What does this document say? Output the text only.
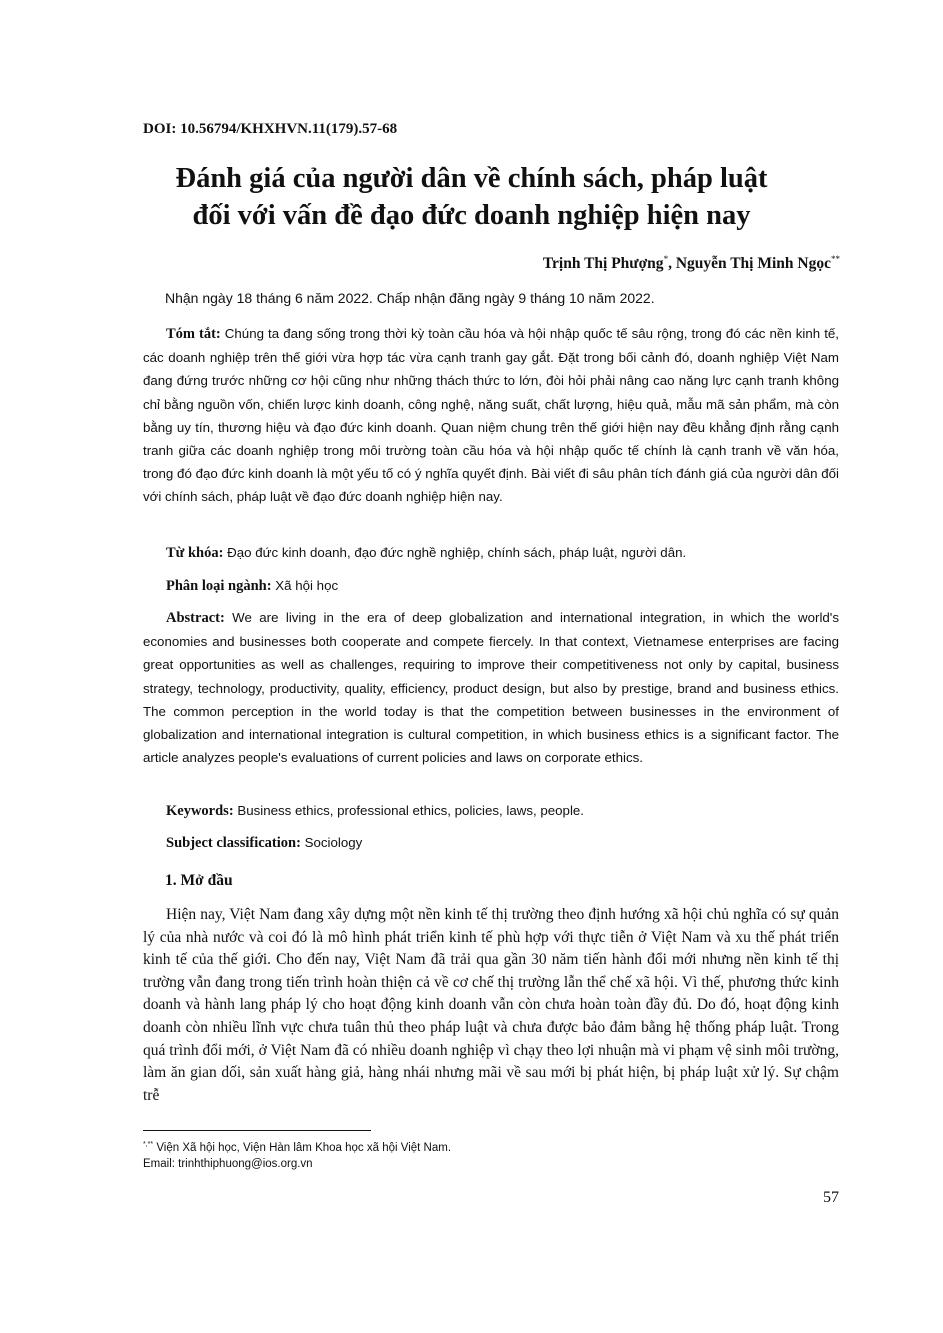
DOI: 10.56794/KHXHVN.11(179).57-68
Đánh giá của người dân về chính sách, pháp luật
đối với vấn đề đạo đức doanh nghiệp hiện nay
Trịnh Thị Phượng*, Nguyễn Thị Minh Ngọc**
Nhận ngày 18 tháng 6 năm 2022. Chấp nhận đăng ngày 9 tháng 10 năm 2022.

Tóm tắt: Chúng ta đang sống trong thời kỳ toàn cầu hóa và hội nhập quốc tế sâu rộng, trong đó các nền kinh tế, các doanh nghiệp trên thế giới vừa hợp tác vừa cạnh tranh gay gắt. Đặt trong bối cảnh đó, doanh nghiệp Việt Nam đang đứng trước những cơ hội cũng như những thách thức to lớn, đòi hỏi phải nâng cao năng lực cạnh tranh không chỉ bằng nguồn vốn, chiến lược kinh doanh, công nghệ, năng suất, chất lượng, hiệu quả, mẫu mã sản phẩm, mà còn bằng uy tín, thương hiệu và đạo đức kinh doanh. Quan niệm chung trên thế giới hiện nay đều khẳng định rằng cạnh tranh giữa các doanh nghiệp trong môi trường toàn cầu hóa và hội nhập quốc tế chính là cạnh tranh về văn hóa, trong đó đạo đức kinh doanh là một yếu tố có ý nghĩa quyết định. Bài viết đi sâu phân tích đánh giá của người dân đối với chính sách, pháp luật về đạo đức doanh nghiệp hiện nay.

Từ khóa: Đạo đức kinh doanh, đạo đức nghề nghiệp, chính sách, pháp luật, người dân.

Phân loại ngành: Xã hội học

Abstract: We are living in the era of deep globalization and international integration, in which the world's economies and businesses both cooperate and compete fiercely. In that context, Vietnamese enterprises are facing great opportunities as well as challenges, requiring to improve their competitiveness not only by capital, business strategy, technology, productivity, quality, efficiency, product design, but also by prestige, brand and business ethics. The common perception in the world today is that the competition between businesses in the environment of globalization and international integration is cultural competition, in which business ethics is a significant factor. The article analyzes people's evaluations of current policies and laws on corporate ethics.

Keywords: Business ethics, professional ethics, policies, laws, people.

Subject classification: Sociology

1. Mở đầu

Hiện nay, Việt Nam đang xây dựng một nền kinh tế thị trường theo định hướng xã hội chủ nghĩa có sự quản lý của nhà nước và coi đó là mô hình phát triển kinh tế phù hợp với thực tiễn ở Việt Nam và xu thế phát triển kinh tế của thế giới. Cho đến nay, Việt Nam đã trải qua gần 30 năm tiến hành đổi mới nhưng nền kinh tế thị trường vẫn đang trong tiến trình hoàn thiện cả về cơ chế thị trường lẫn thể chế xã hội. Vì thế, phương thức kinh doanh và hành lang pháp lý cho hoạt động kinh doanh vẫn còn chưa hoàn toàn đầy đủ. Do đó, hoạt động kinh doanh còn nhiều lĩnh vực chưa tuân thủ theo pháp luật và chưa được bảo đảm bằng hệ thống pháp luật. Trong quá trình đổi mới, ở Việt Nam đã có nhiều doanh nghiệp vì chạy theo lợi nhuận mà vi phạm vệ sinh môi trường, làm ăn gian dối, sản xuất hàng giả, hàng nhái nhưng mãi về sau mới bị phát hiện, bị pháp luật xử lý. Sự chậm trễ

*,** Viện Xã hội học, Viện Hàn lâm Khoa học xã hội Việt Nam.
Email: trinhthiphuong@ios.org.vn
57
